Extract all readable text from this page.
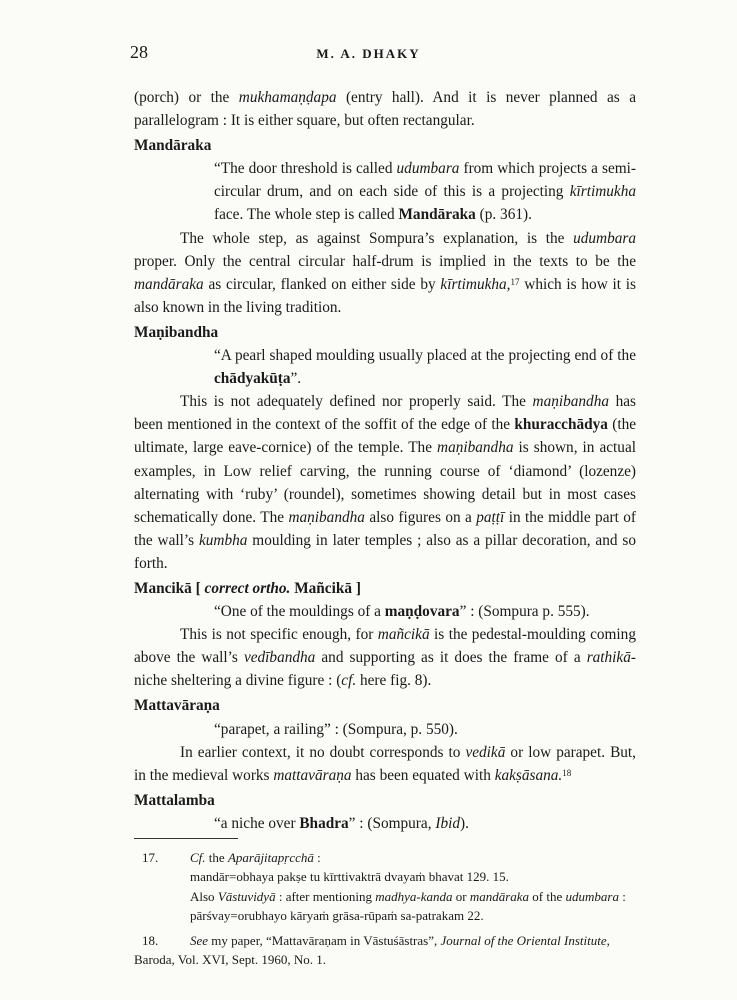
28	M. A. DHAKY

(porch) or the mukhamaṇḍapa (entry hall). And it is never planned as a parallelogram : It is either square, but often rectangular.

Mandāraka

“The door threshold is called udumbara from which projects a semi-circular drum, and on each side of this is a projecting kīrtimukha face. The whole step is called Mandāraka (p. 361).

The whole step, as against Sompura’s explanation, is the udumbara proper. Only the central circular half-drum is implied in the texts to be the mandāraka as circular, flanked on either side by kīrtimukha,$^{17}$ which is how it is also known in the living tradition.

Maṇibandha

“A pearl shaped moulding usually placed at the projecting end of the chādyakūṭa”.

This is not adequately defined nor properly said. The maṇibandha has been mentioned in the context of the soffit of the edge of the khuracchādya (the ultimate, large eave-cornice) of the temple. The maṇibandha is shown, in actual examples, in Low relief carving, the running course of ‘diamond’ (lozenze) alternating with ‘ruby’ (roundel), sometimes showing detail but in most cases schematically done. The maṇibandha also figures on a paṭṭī in the middle part of the wall’s kumbha moulding in later temples ; also as a pillar decoration, and so forth.

Mancikā [ correct ortho. Mañcikā ]

“One of the mouldings of a maṇḍovara” : (Sompura p. 555).

This is not specific enough, for mañcikā is the pedestal-moulding coming above the wall’s vedībandha and supporting as it does the frame of a rathikā-niche sheltering a divine figure : (cf. here fig. 8).

Mattavāraṇa

“parapet, a railing” : (Sompura, p. 550).

In earlier context, it no doubt corresponds to vedikā or low parapet. But, in the medieval works mattavāraṇa has been equated with kakṣāsana.$^{18}$

Mattalamba

“a niche over Bhadra” : (Sompura, Ibid).

17. Cf. the Aparājitapṛcchā :

mandār=obhaya pakṣe tu kīrttivaktrā dvayaṁ bhavat 129. 15.

Also Vāstuvidyā : after mentioning madhya-kanda or mandāraka of the udumbara :

pārśvay=orubhayo kāryaṁ grāsa-rūpaṁ sa-patrakam 22.

18. See my paper, “Mattavāraṇam in Vāstuśāstras”, Journal of the Oriental Institute, Baroda, Vol. XVI, Sept. 1960, No. 1.
